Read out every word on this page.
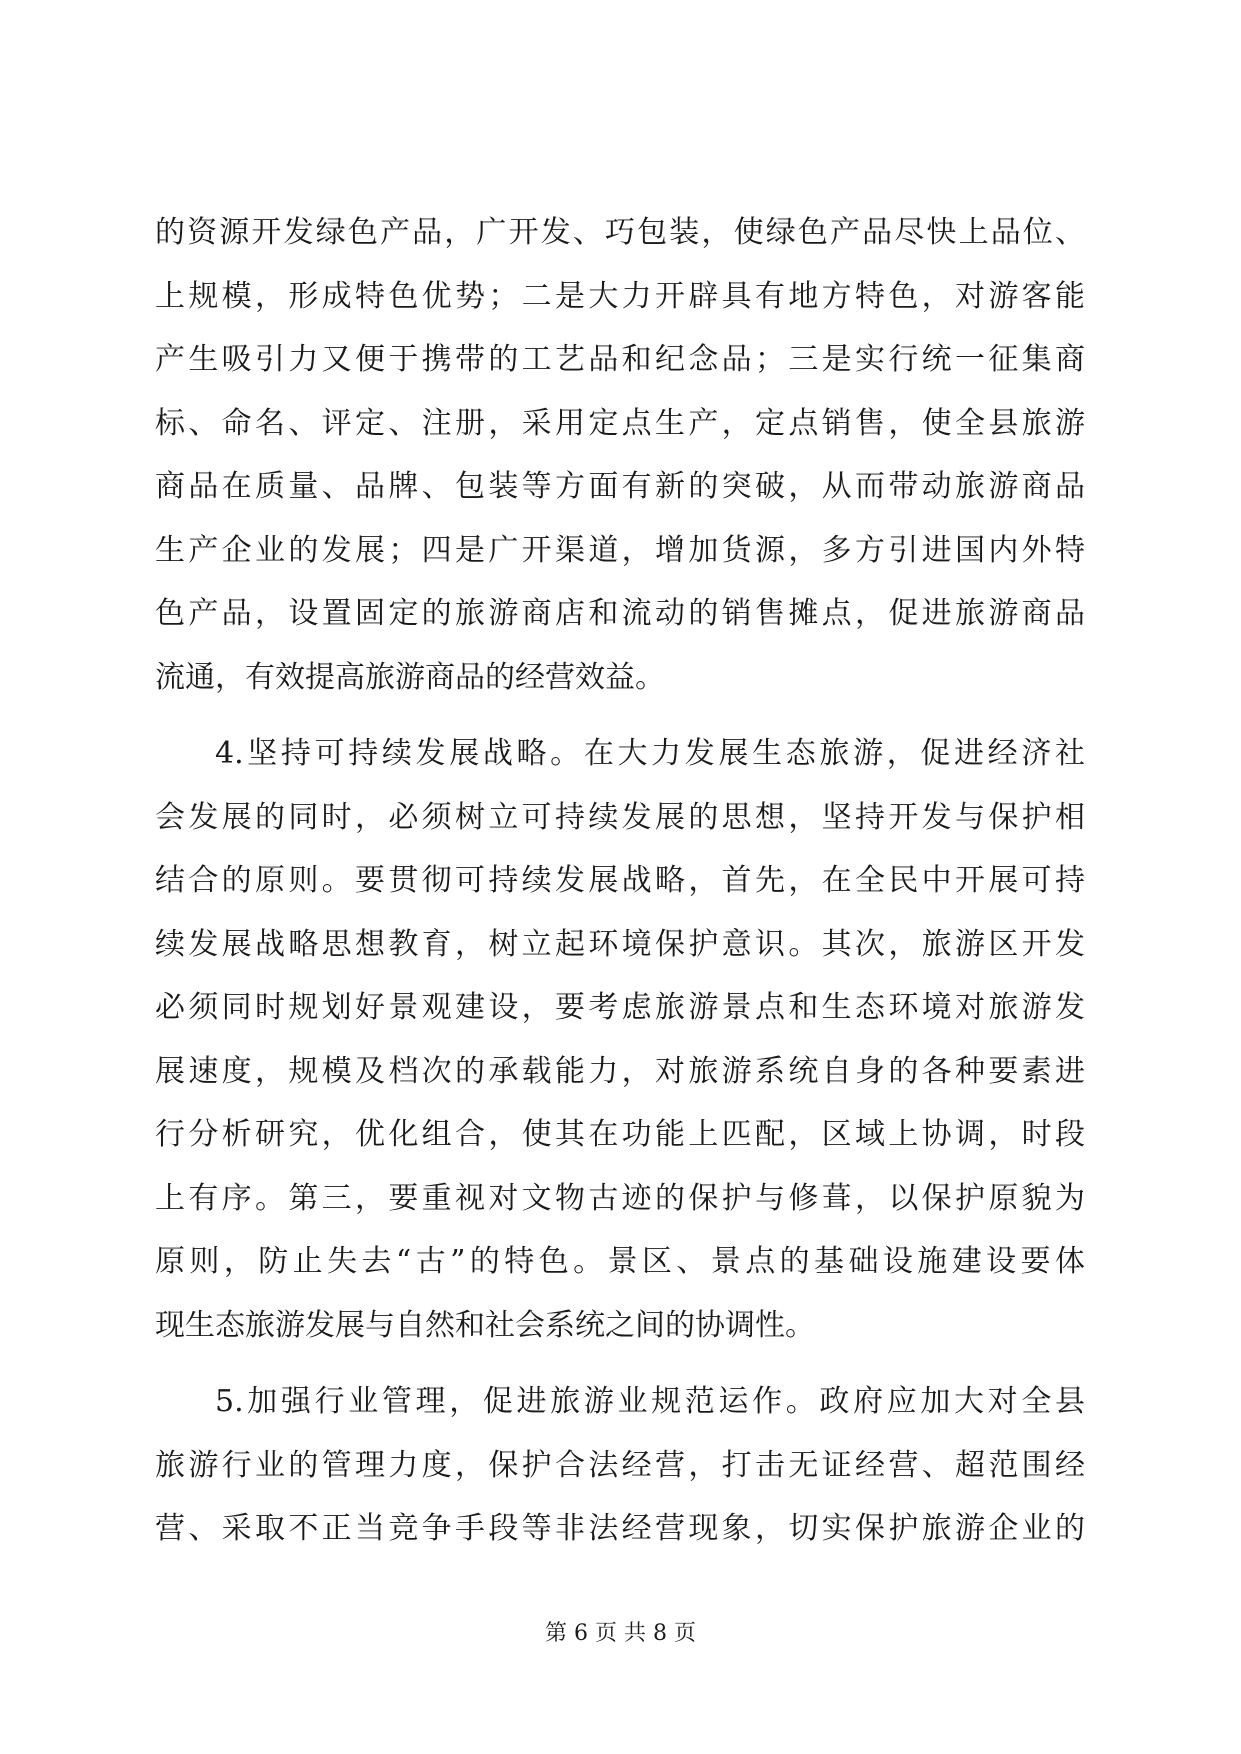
的资源开发绿色产品，广开发、巧包装，使绿色产品尽快上品位、
上规模，形成特色优势；二是大力开辟具有地方特色，对游客能
产生吸引力又便于携带的工艺品和纪念品；三是实行统一征集商
标、命名、评定、注册，采用定点生产，定点销售，使全县旅游
商品在质量、品牌、包装等方面有新的突破，从而带动旅游商品
生产企业的发展；四是广开渠道，增加货源，多方引进国内外特
色产品，设置固定的旅游商店和流动的销售摊点，促进旅游商品
流通，有效提高旅游商品的经营效益。
4.坚持可持续发展战略。在大力发展生态旅游，促进经济社
会发展的同时，必须树立可持续发展的思想，坚持开发与保护相
结合的原则。要贯彻可持续发展战略，首先，在全民中开展可持
续发展战略思想教育，树立起环境保护意识。其次，旅游区开发
必须同时规划好景观建设，要考虑旅游景点和生态环境对旅游发
展速度，规模及档次的承载能力，对旅游系统自身的各种要素进
行分析研究，优化组合，使其在功能上匹配，区域上协调，时段
上有序。第三，要重视对文物古迹的保护与修葺，以保护原貌为
原则，防止失去“古”的特色。景区、景点的基础设施建设要体
现生态旅游发展与自然和社会系统之间的协调性。
5.加强行业管理，促进旅游业规范运作。政府应加大对全县
旅游行业的管理力度，保护合法经营，打击无证经营、超范围经
营、采取不正当竞争手段等非法经营现象，切实保护旅游企业的
第 6 页 共 8 页
